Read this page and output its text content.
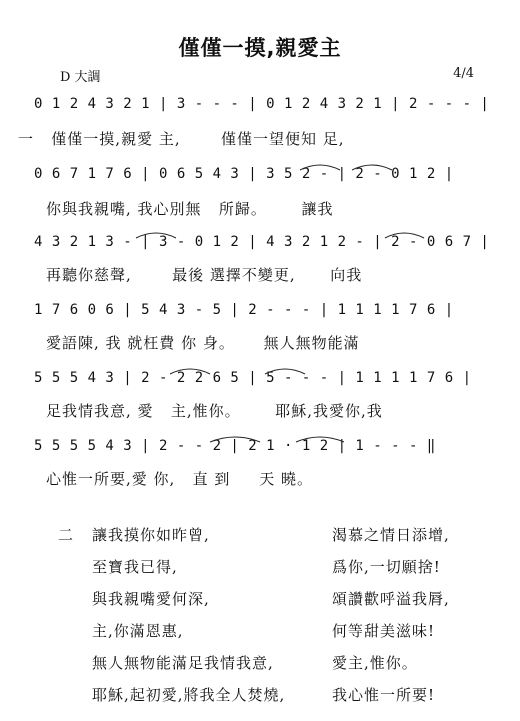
僅僅一摸,親愛主
D 大調	4/4
0 1 2 4 3 2 1 | 3 - - - | 0 1 2 4 3 2 1 | 2 - - - |
一   僅僅一摸,親愛 主,       僅僅一望便知 足,
0 6 7 1 7 6 | 0 6 5 4 3 | 3 5 2 - | 2 - 0 1 2 |
你與我親嘴, 我心別無   所歸。      讓我
4 3 2 1 3 - | 3 - 0 1 2 | 4 3 2 1 2 - | 2 - 0 6 7 |
再聽你慈聲,       最後 選擇不變更,      向我
1 7 6 0 6 | 5 4 3 - 5 | 2 - - - | 1 1 1 1 7 6 |
愛語陳, 我 就枉費 你 身。     無人無物能滿
5 5 5 4 3 | 2 - 2 2 6 5 | 5 - - - | 1 1 1 1 7 6 |
足我情我意, 愛   主,惟你。      耶穌,我愛你,我
5 5 5 5 4 3 | 2 - - 2 | 2 1 · 1 2 | 1 - - - ‖
心惟一所要,愛 你,   直 到     天 曉。
二 讓我摸你如昨曾,	渴慕之情日添增,
至寶我已得,	爲你,一切願捨!
與我親嘴愛何深,	頌讚歡呼溢我脣,
主,你滿恩惠,	何等甜美滋味!
無人無物能滿足我情我意,	愛主,惟你。
耶穌,起初愛,將我全人焚燒,	我心惟一所要!
